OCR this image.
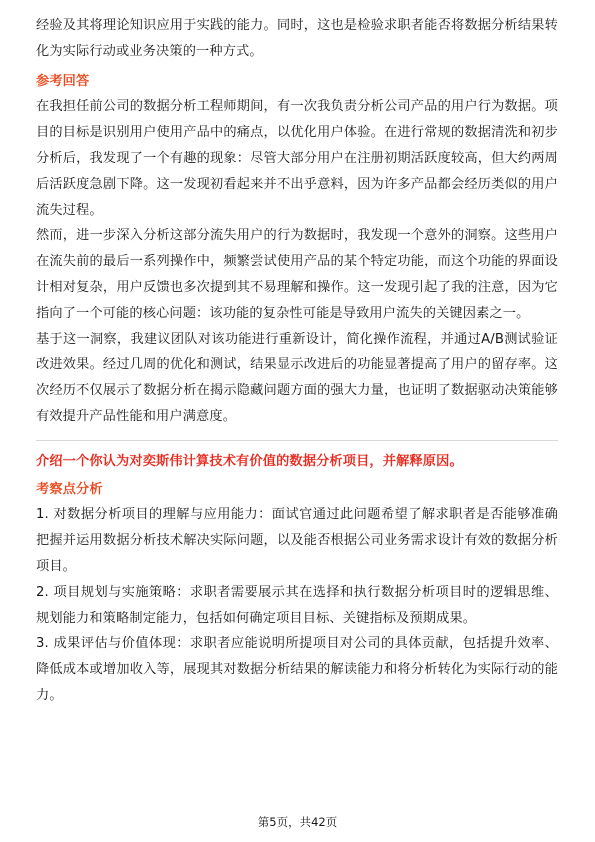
经验及其将理论知识应用于实践的能力。同时，这也是检验求职者能否将数据分析结果转化为实际行动或业务决策的一种方式。

参考回答

在我担任前公司的数据分析工程师期间，有一次我负责分析公司产品的用户行为数据。项目的目标是识别用户使用产品中的痛点，以优化用户体验。在进行常规的数据清洗和初步分析后，我发现了一个有趣的现象：尽管大部分用户在注册初期活跃度较高，但大约两周后活跃度急剧下降。这一发现初看起来并不出乎意料，因为许多产品都会经历类似的用户流失过程。

然而，进一步深入分析这部分流失用户的行为数据时，我发现一个意外的洞察。这些用户在流失前的最后一系列操作中，频繁尝试使用产品的某个特定功能，而这个功能的界面设计相对复杂，用户反馈也多次提到其不易理解和操作。这一发现引起了我的注意，因为它指向了一个可能的核心问题：该功能的复杂性可能是导致用户流失的关键因素之一。

基于这一洞察，我建议团队对该功能进行重新设计，简化操作流程，并通过A/B测试验证改进效果。经过几周的优化和测试，结果显示改进后的功能显著提高了用户的留存率。这次经历不仅展示了数据分析在揭示隐藏问题方面的强大力量，也证明了数据驱动决策能够有效提升产品性能和用户满意度。

介绍一个你认为对奕斯伟计算技术有价值的数据分析项目，并解释原因。

考察点分析

1. 对数据分析项目的理解与应用能力：面试官通过此问题希望了解求职者是否能够准确把握并运用数据分析技术解决实际问题，以及能否根据公司业务需求设计有效的数据分析项目。

2. 项目规划与实施策略：求职者需要展示其在选择和执行数据分析项目时的逻辑思维、规划能力和策略制定能力，包括如何确定项目目标、关键指标及预期成果。

3. 成果评估与价值体现：求职者应能说明所提项目对公司的具体贡献，包括提升效率、降低成本或增加收入等，展现其对数据分析结果的解读能力和将分析转化为实际行动的能力。

第5页，共42页
